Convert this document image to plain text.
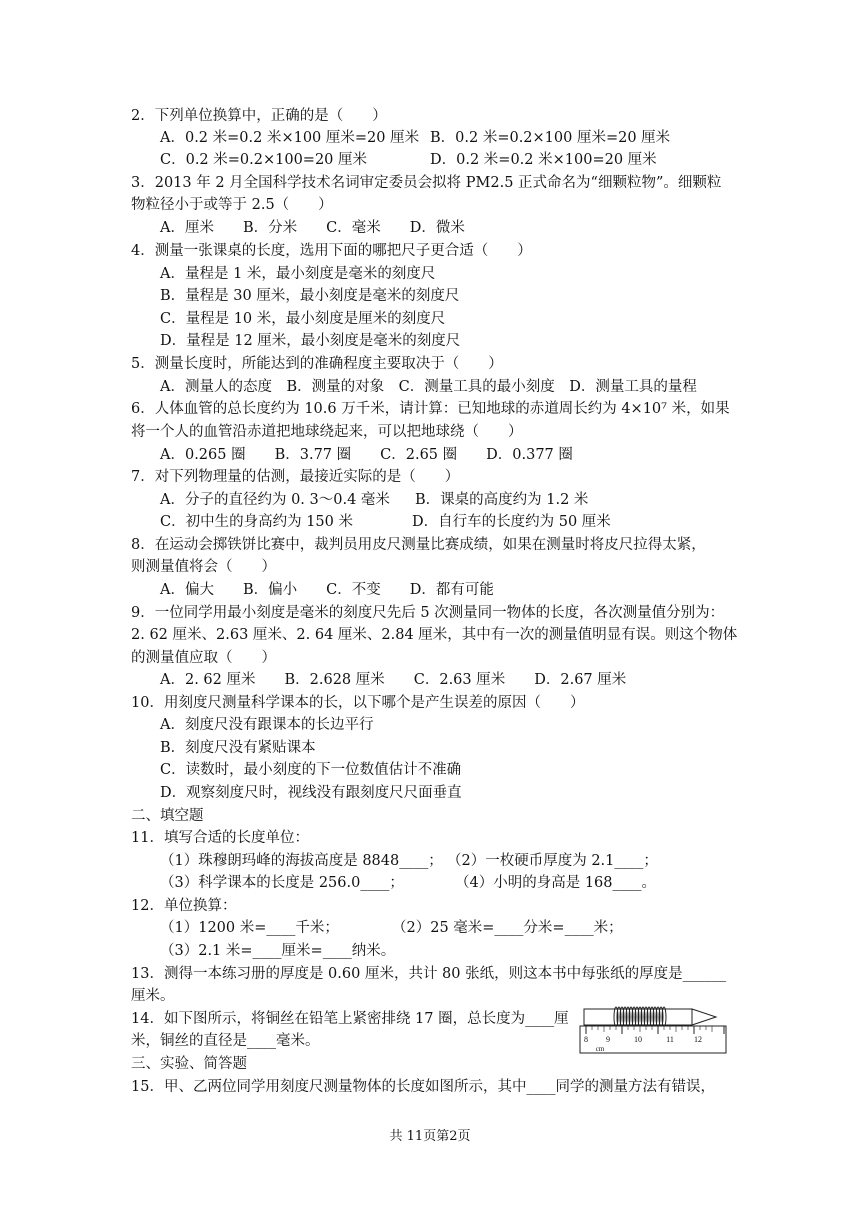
2．下列单位换算中，正确的是（　　）
A．0.2 米=0.2 米×100 厘米=20 厘米 B．0.2 米=0.2×100 厘米=20 厘米
C．0.2 米=0.2×100=20 厘米	D．0.2 米=0.2 米×100=20 厘米
3．2013 年 2 月全国科学技术名词审定委员会拟将 PM2.5 正式命名为“细颗粒物”。细颗粒
物粒径小于或等于 2.5（　　）
A．厘米　　B．分米　　C．毫米　　D．微米
4．测量一张课桌的长度，选用下面的哪把尺子更合适（　　）
A．量程是 1 米，最小刻度是毫米的刻度尺
B．量程是 30 厘米，最小刻度是毫米的刻度尺
C．量程是 10 米，最小刻度是厘米的刻度尺
D．量程是 12 厘米，最小刻度是毫米的刻度尺
5．测量长度时，所能达到的准确程度主要取决于（　　）
A．测量人的态度　B．测量的对象　C．测量工具的最小刻度　D．测量工具的量程
6．人体血管的总长度约为 10.6 万千米，请计算：已知地球的赤道周长约为 4×10⁷ 米，如果
将一个人的血管沿赤道把地球绕起来，可以把地球绕（　　）
A．0.265 圈　　B．3.77 圈　　C．2.65 圈　　D．0.377 圈
7．对下列物理量的估测，最接近实际的是（　　）
A．分子的直径约为 0. 3～0.4 毫米 B．课桌的高度约为 1.2 米
C．初中生的身高约为 150 米	D．自行车的长度约为 50 厘米
8．在运动会掷铁饼比赛中，裁判员用皮尺测量比赛成绩，如果在测量时将皮尺拉得太紧，
则测量值将会（　　）
A．偏大　　B．偏小　　C．不变　　D．都有可能
9．一位同学用最小刻度是毫米的刻度尺先后 5 次测量同一物体的长度，各次测量值分别为：
2. 62 厘米、2.63 厘米、2. 64 厘米、2.84 厘米，其中有一次的测量值明显有误。则这个物体
的测量值应取（　　）
A．2. 62 厘米　　B．2.628 厘米　　C．2.63 厘米　　D．2.67 厘米
10．用刻度尺测量科学课本的长，以下哪个是产生误差的原因（　　）
A．刻度尺没有跟课本的长边平行
B．刻度尺没有紧贴课本
C．读数时，最小刻度的下一位数值估计不准确
D．观察刻度尺时，视线没有跟刻度尺尺面垂直
二、填空题
11．填写合适的长度单位：
（1）珠穆朗玛峰的海拔高度是 8848____； （2）一枚硬币厚度为 2.1____；
（3）科学课本的长度是 256.0____；	（4）小明的身高是 168____。
12．单位换算：
（1）1200 米=____千米；	（2）25 毫米=____分米=____米；
（3）2.1 米=____厘米=____纳米。
13．测得一本练习册的厚度是 0.60 厘米，共计 80 张纸，则这本书中每张纸的厚度是______
厘米。
14．如下图所示，将铜丝在铅笔上紧密排绕 17 圈，总长度为____厘
米，铜丝的直径是____毫米。
三、实验、简答题
15．甲、乙两位同学用刻度尺测量物体的长度如图所示，其中____同学的测量方法有错误，
8 9	10	11	12
cm
共 11页第2页
